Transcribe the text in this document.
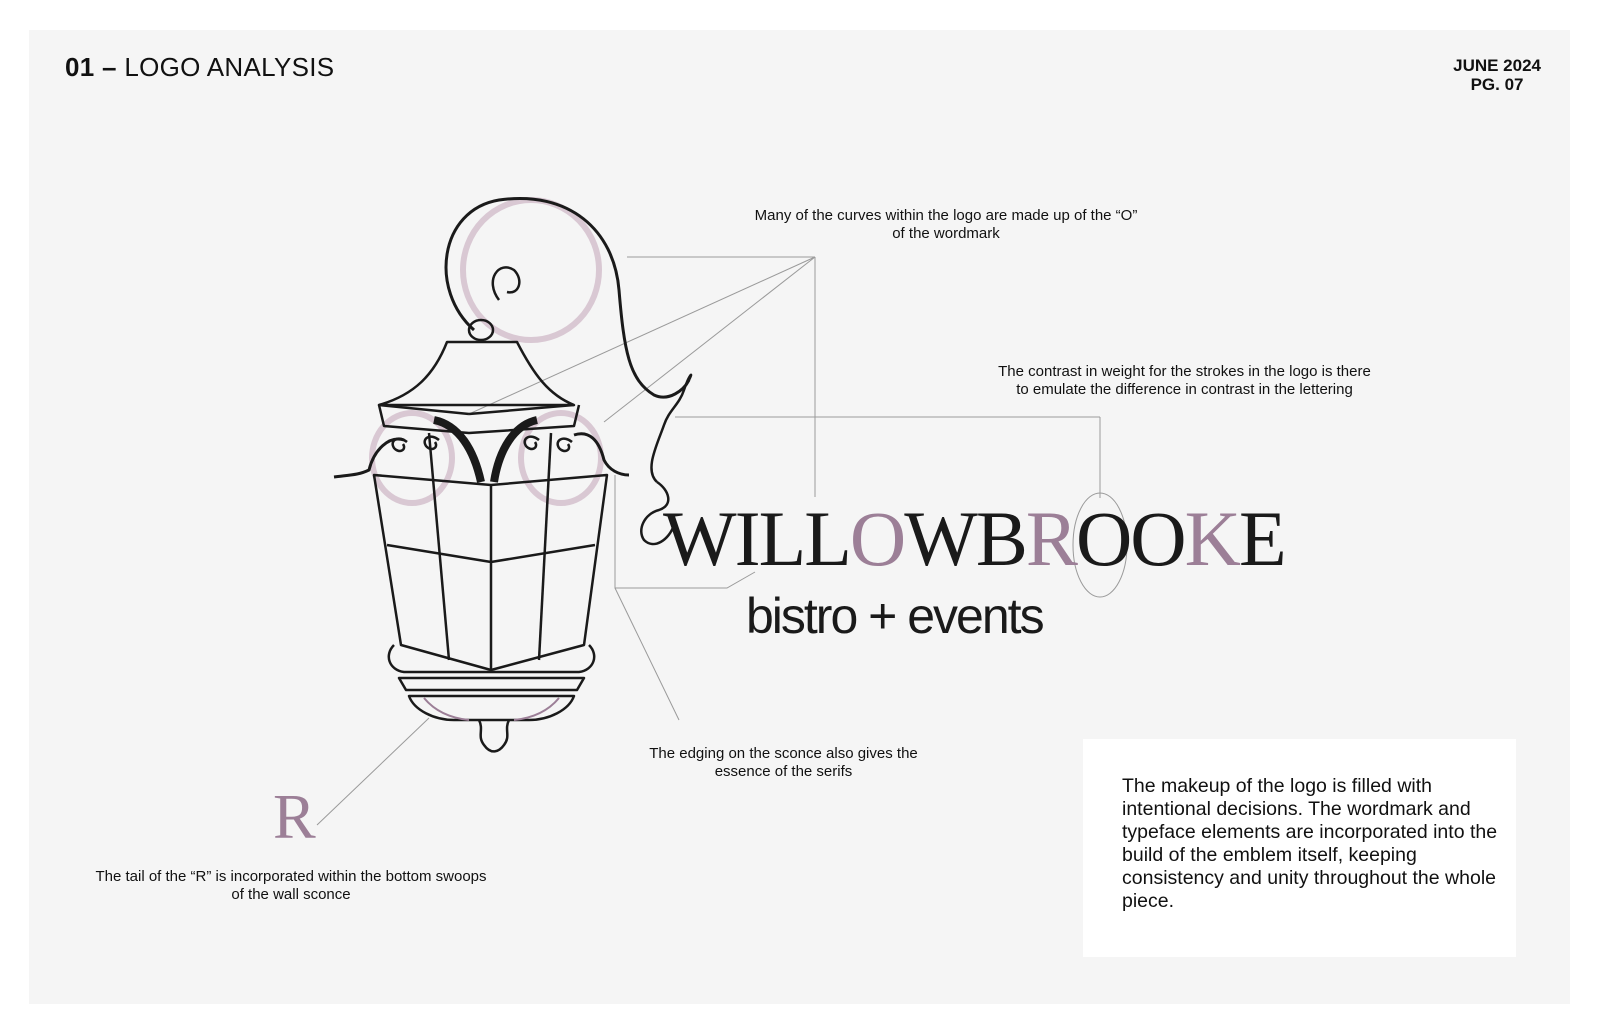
01 – LOGO ANALYSIS	JUNE 2024
PG. 07
WILLOWBROOKE
bistro + events
Many of the curves within the logo are made up of the “O” of the wordmark
The contrast in weight for the strokes in the logo is there to emulate the difference in contrast in the lettering
The edging on the sconce also gives the essence of the serifs
R
The tail of the “R” is incorporated within the bottom swoops of the wall sconce
The makeup of the logo is filled with intentional decisions. The wordmark and typeface elements are incorporated into the build of the emblem itself, keeping consistency and unity throughout the whole piece.
